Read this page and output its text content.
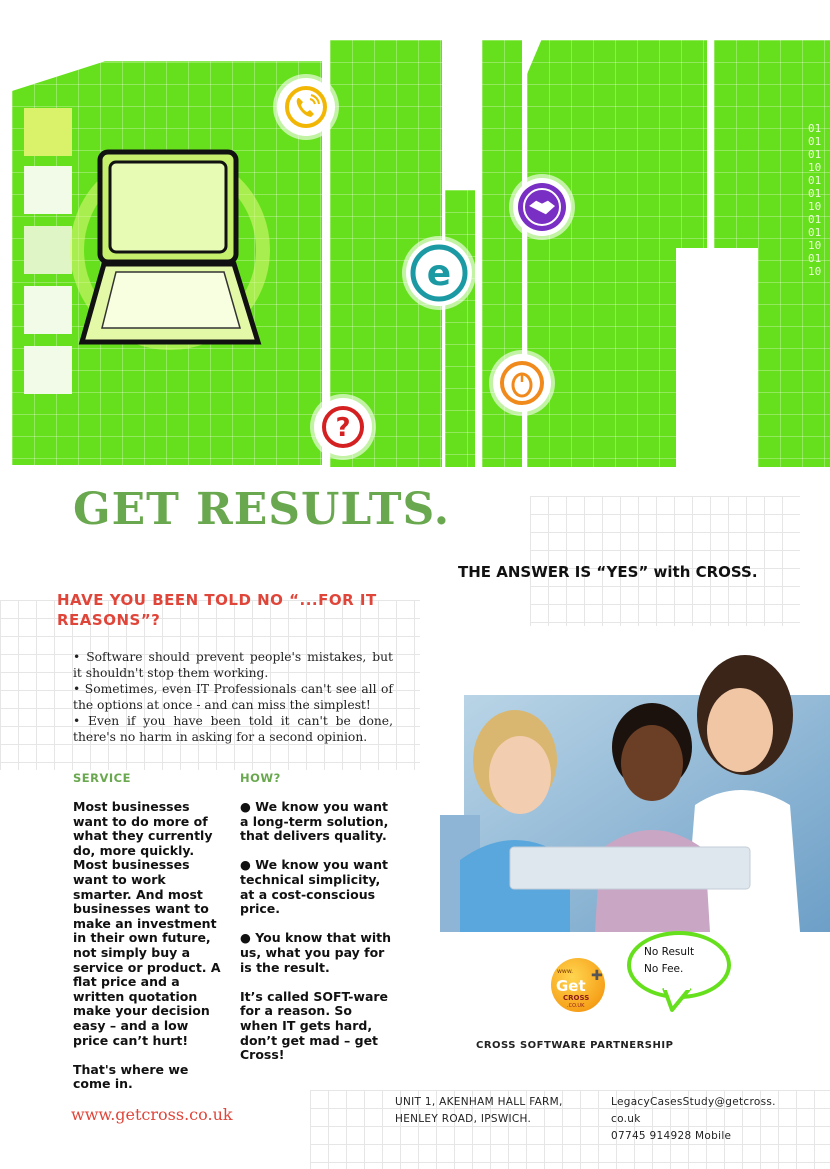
01
01
01
10
01
01
10
01
01
10
01
10
e
?
GET RESULTS.
THE ANSWER IS “YES” with CROSS.
HAVE YOU BEEN TOLD NO “...FOR IT REASONS”?

• Software should prevent people's mistakes, but it shouldn't stop them working.

• Sometimes, even IT Professionals can't see all of the options at once - and can miss the simplest!

• Even if you have been told it can't be done, there's no harm in asking for a second opinion.

SERVICE

Most businesses want to do more of what they currently do, more quickly. Most businesses want to work smarter. And most businesses want to make an investment in their own future, not simply buy a service or product. A flat price and a written quotation make your decision easy – and a low price can’t hurt!

That's where we come in.

HOW?

● We know you want a long-term solution, that delivers quality.

● We know you want technical simplicity, at a cost-conscious price.

● You know that with us, what you pay for is the result.

It’s called SOFT-ware for a reason. So when IT gets hard, don’t get mad – get Cross!

www.getcross.co.uk
www.
Get
✚
CROSS
.CO.UK
No Result
No Fee.
CROSS SOFTWARE PARTNERSHIP
UNIT 1, AKENHAM HALL FARM,
HENLEY ROAD, IPSWICH.
LegacyCasesStudy@getcross.
co.uk
07745 914928 Mobile
